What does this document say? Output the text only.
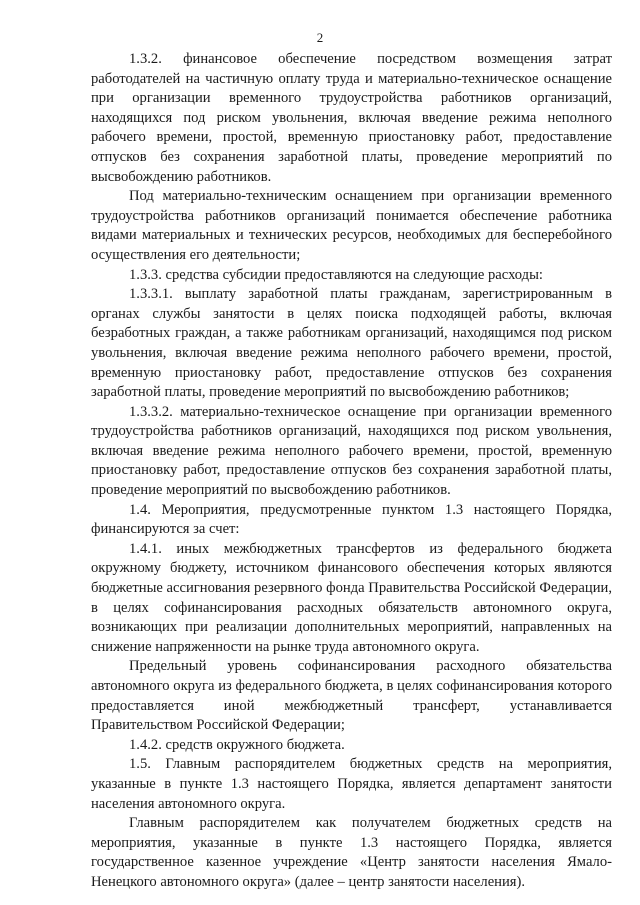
2

1.3.2. финансовое обеспечение посредством возмещения затрат работодателей на частичную оплату труда и материально-техническое оснащение при организации временного трудоустройства работников организаций, находящихся под риском увольнения, включая введение режима неполного рабочего времени, простой, временную приостановку работ, предоставление отпусков без сохранения заработной платы, проведение мероприятий по высвобождению работников.

Под материально-техническим оснащением при организации временного трудоустройства работников организаций понимается обеспечение работника видами материальных и технических ресурсов, необходимых для бесперебойного осуществления его деятельности;

1.3.3. средства субсидии предоставляются на следующие расходы:

1.3.3.1. выплату заработной платы гражданам, зарегистрированным в органах службы занятости в целях поиска подходящей работы, включая безработных граждан, а также работникам организаций, находящимся под риском увольнения, включая введение режима неполного рабочего времени, простой, временную приостановку работ, предоставление отпусков без сохранения заработной платы, проведение мероприятий по высвобождению работников;

1.3.3.2. материально-техническое оснащение при организации временного трудоустройства работников организаций, находящихся под риском увольнения, включая введение режима неполного рабочего времени, простой, временную приостановку работ, предоставление отпусков без сохранения заработной платы, проведение мероприятий по высвобождению работников.

1.4. Мероприятия, предусмотренные пунктом 1.3 настоящего Порядка, финансируются за счет:

1.4.1. иных межбюджетных трансфертов из федерального бюджета окружному бюджету, источником финансового обеспечения которых являются бюджетные ассигнования резервного фонда Правительства Российской Федерации, в целях софинансирования расходных обязательств автономного округа, возникающих при реализации дополнительных мероприятий, направленных на снижение напряженности на рынке труда автономного округа.

Предельный уровень софинансирования расходного обязательства автономного округа из федерального бюджета, в целях софинансирования которого предоставляется иной межбюджетный трансферт, устанавливается Правительством Российской Федерации;

1.4.2. средств окружного бюджета.

1.5. Главным распорядителем бюджетных средств на мероприятия, указанные в пункте 1.3 настоящего Порядка, является департамент занятости населения автономного округа.

Главным распорядителем как получателем бюджетных средств на мероприятия, указанные в пункте 1.3 настоящего Порядка, является государственное казенное учреждение «Центр занятости населения Ямало-Ненецкого автономного округа» (далее – центр занятости населения).
